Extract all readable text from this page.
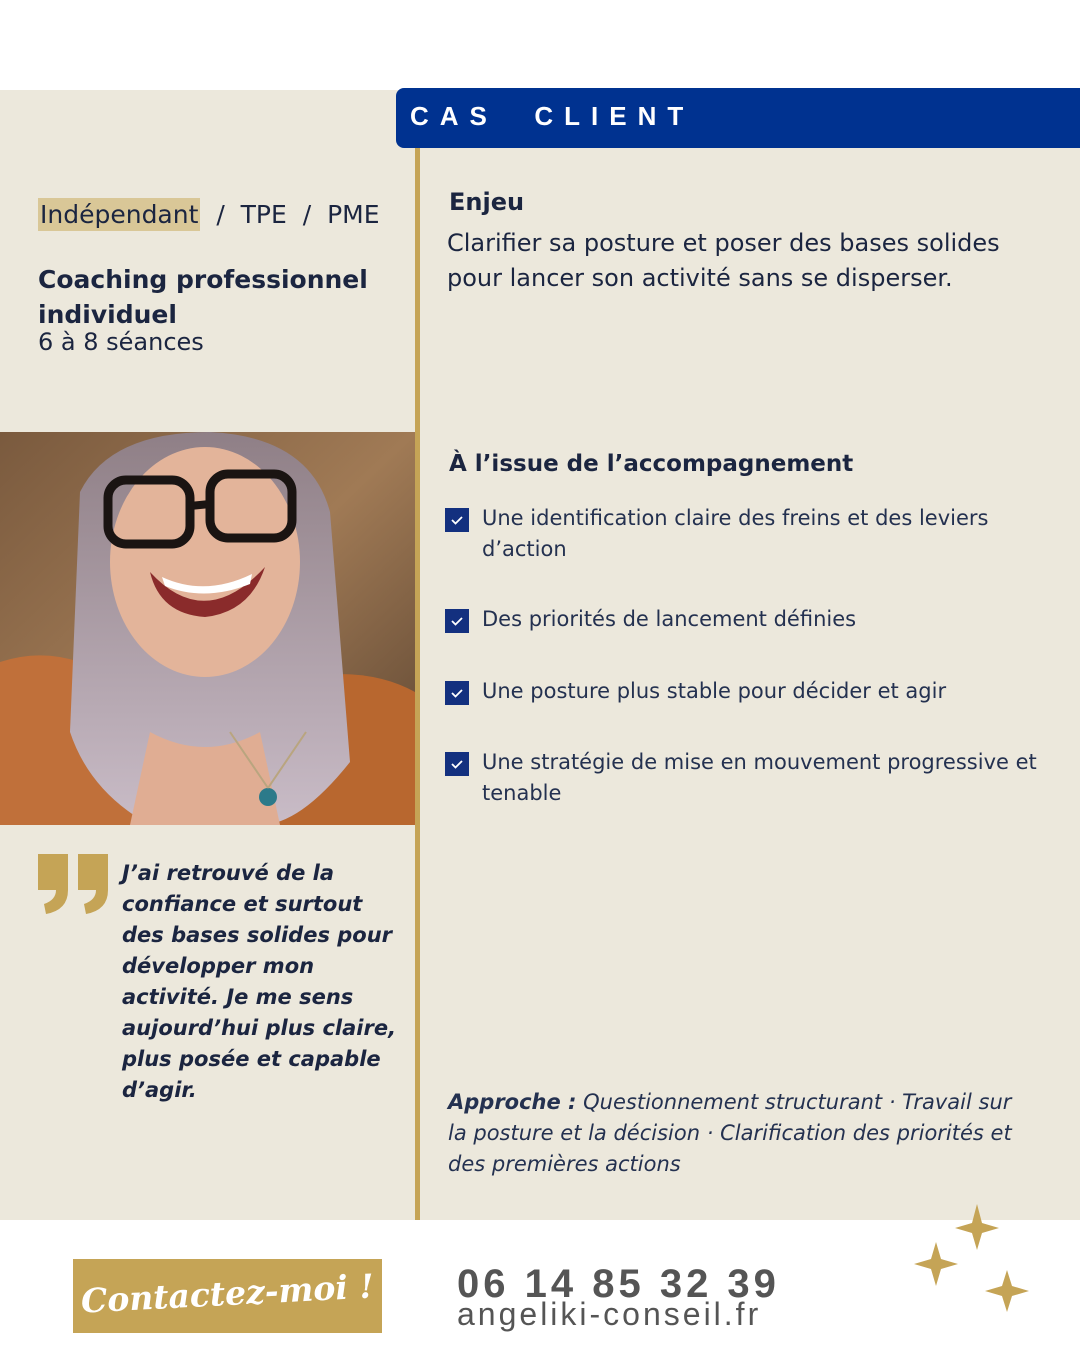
CAS  CLIENT
Indépendant / TPE / PME
Coaching professionnel individuel
6 à 8 séances
J’ai retrouvé de la confiance et surtout des bases solides pour développer mon activité. Je me sens aujourd’hui plus claire, plus posée et capable d’agir.
Enjeu
Clarifier sa posture et poser des bases solides pour lancer son activité sans se disperser.
À l’issue de l’accompagnement
Une identification claire des freins et des leviers d’action
Des priorités de lancement définies
Une posture plus stable pour décider et agir
Une stratégie de mise en mouvement progressive et tenable
Approche : Questionnement structurant · Travail sur la posture et la décision · Clarification des priorités et des premières actions
Contactez-moi ! 06 14 85 32 39
angeliki-conseil.fr
